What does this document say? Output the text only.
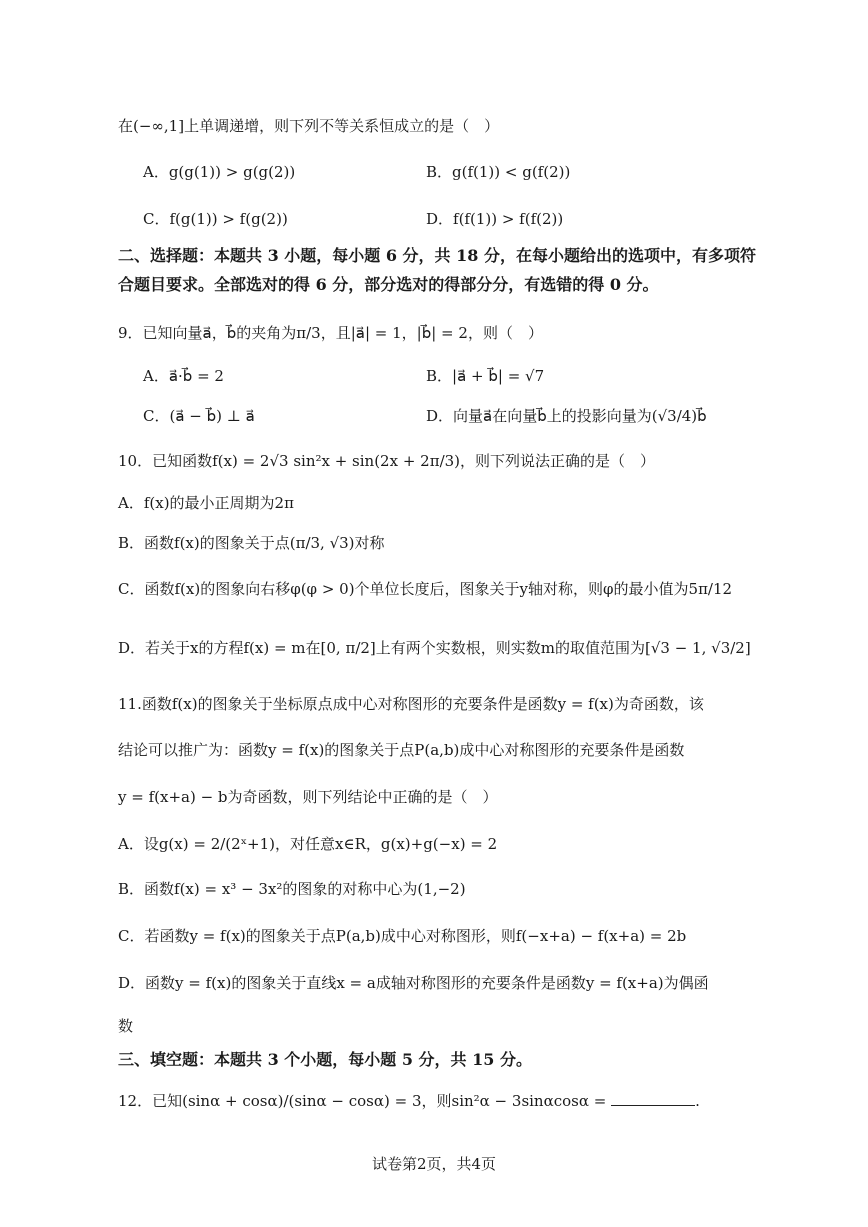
在(−∞,1]上单调递增，则下列不等关系恒成立的是（　）
A．g(g(1)) > g(g(2))	B．g(f(1)) < g(f(2))
C．f(g(1)) > f(g(2))	D．f(f(1)) > f(f(2))
二、选择题：本题共 3 小题，每小题 6 分，共 18 分，在每小题给出的选项中，有多项符合题目要求。全部选对的得 6 分，部分选对的得部分分，有选错的得 0 分。
9．已知向量a⃗，b⃗的夹角为π/3，且|a⃗| = 1，|b⃗| = 2，则（　）
A．a⃗·b⃗ = 2	B．|a⃗ + b⃗| = √7
C．(a⃗ − b⃗) ⊥ a⃗	D．向量a⃗在向量b⃗上的投影向量为(√3/4)b⃗
10．已知函数f(x) = 2√3 sin²x + sin(2x + 2π/3)，则下列说法正确的是（　）
A．f(x)的最小正周期为2π
B．函数f(x)的图象关于点(π/3, √3)对称
C．函数f(x)的图象向右移φ(φ > 0)个单位长度后，图象关于y轴对称，则φ的最小值为5π/12
D．若关于x的方程f(x) = m在[0, π/2]上有两个实数根，则实数m的取值范围为[√3 − 1, √3/2]
11.函数f(x)的图象关于坐标原点成中心对称图形的充要条件是函数y = f(x)为奇函数，该
结论可以推广为：函数y = f(x)的图象关于点P(a,b)成中心对称图形的充要条件是函数
y = f(x+a) − b为奇函数，则下列结论中正确的是（　）
A．设g(x) = 2/(2ˣ+1)，对任意x∈R，g(x)+g(−x) = 2
B．函数f(x) = x³ − 3x²的图象的对称中心为(1,−2)
C．若函数y = f(x)的图象关于点P(a,b)成中心对称图形，则f(−x+a) − f(x+a) = 2b
D．函数y = f(x)的图象关于直线x = a成轴对称图形的充要条件是函数y = f(x+a)为偶函
数
三、填空题：本题共 3 个小题，每小题 5 分，共 15 分。
12．已知(sinα + cosα)/(sinα − cosα) = 3，则sin²α − 3sinαcosα =	.
试卷第2页，共4页
